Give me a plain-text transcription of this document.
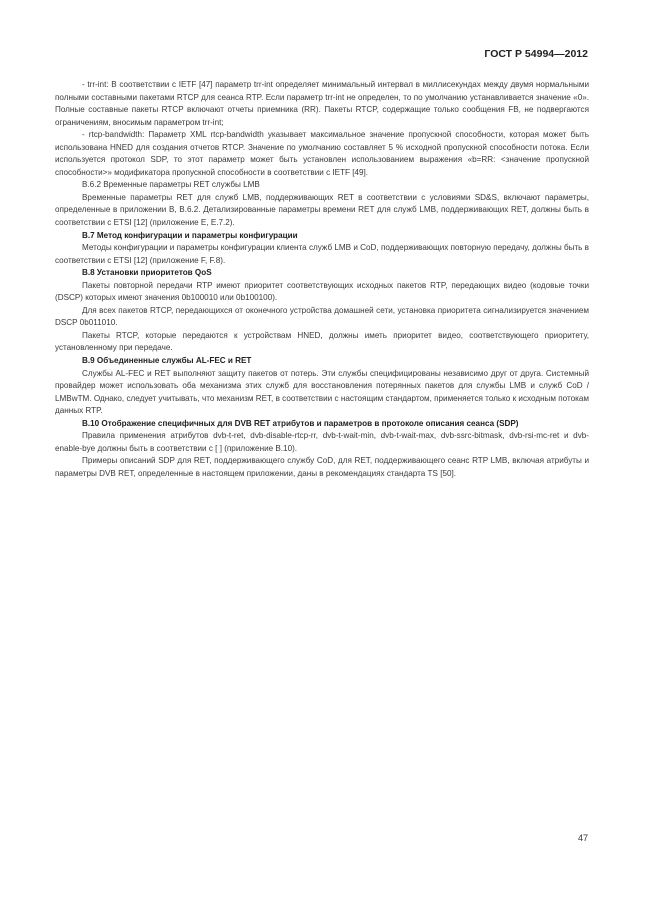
ГОСТ Р 54994—2012

- trr-int: В соответствии с IETF [47] параметр trr-int определяет минимальный интервал в миллисекундах между двумя нормальными полными составными пакетами RTCP для сеанса RTP. Если параметр trr-int не определен, то по умолчанию устанавливается значение «0». Полные составные пакеты RTCP включают отчеты приемника (RR). Пакеты RTCP, содержащие только сообщения FB, не подвергаются ограничениям, вносимым параметром trr-int;

- rtcp-bandwidth: Параметр XML rtcp-bandwidth указывает максимальное значение пропускной способности, которая может быть использована HNED для создания отчетов RTCP. Значение по умолчанию составляет 5 % исходной пропускной способности потока. Если используется протокол SDP, то этот параметр может быть установлен использованием выражения «b=RR: <значение пропускной способности>» модификатора пропускной способности в соответствии с IETF [49].

В.6.2 Временные параметры RET службы LMB

Временные параметры RET для служб LMB, поддерживающих RET в соответствии с условиями SD&S, включают параметры, определенные в приложении В, В.6.2. Детализированные параметры времени RET для служб LMB, поддерживающих RET, должны быть в соответствии с ETSI [12] (приложение Е, Е.7.2).

В.7 Метод конфигурации и параметры конфигурации

Методы конфигурации и параметры конфигурации клиента служб LMB и CoD, поддерживающих повторную передачу, должны быть в соответствии с ETSI [12] (приложение F, F.8).

В.8 Установки приоритетов QoS

Пакеты повторной передачи RTP имеют приоритет соответствующих исходных пакетов RTP, передающих видео (кодовые точки (DSCP) которых имеют значения 0b100010 или 0b100100).

Для всех пакетов RTCP, передающихся от оконечного устройства домашней сети, установка приоритета сигнализируется значением DSCP 0b011010.

Пакеты RTCP, которые передаются к устройствам HNED, должны иметь приоритет видео, соответствующего приоритету, установленному при передаче.

В.9 Объединенные службы AL-FEC и RET

Службы AL-FEC и RET выполняют защиту пакетов от потерь. Эти службы специфицированы независимо друг от друга. Системный провайдер может использовать оба механизма этих служб для восстановления потерянных пакетов для службы LMB и служб CoD / LMBwTM. Однако, следует учитывать, что механизм RET, в соответствии с настоящим стандартом, применяется только к исходным потокам данных RTP.

В.10 Отображение специфичных для DVB RET атрибутов и параметров в протоколе описания сеанса (SDP)

Правила применения атрибутов dvb-t-ret, dvb-disable-rtcp-rr, dvb-t-wait-min, dvb-t-wait-max, dvb-ssrc-bitmask, dvb-rsi-mc-ret и dvb-enable-byе должны быть в соответствии с [ ] (приложение В.10).

Примеры описаний SDP для RET, поддерживающего службу CoD, для RET, поддерживающего сеанс RTP LMB, включая атрибуты и параметры DVB RET, определенные в настоящем приложении, даны в рекомендациях стандарта TS [50].

47
